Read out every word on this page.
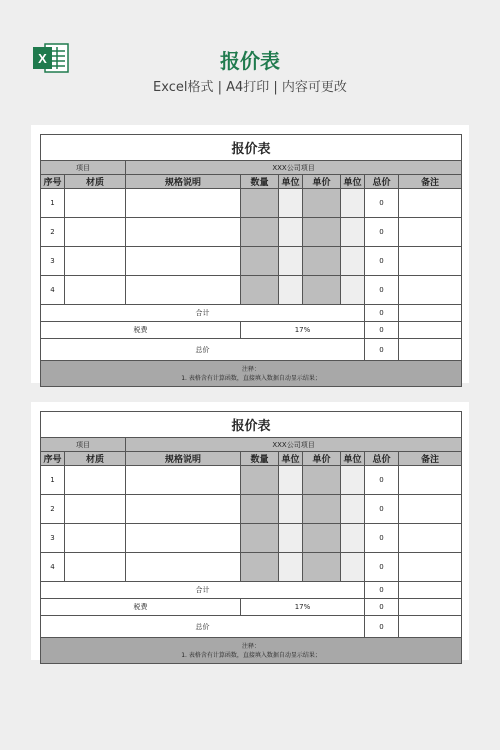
X	报价表
Excel格式 | A4打印 | 内容可更改
报价表								
项目		XXX公司项目						
序号	材质	规格说明	数量	单位	单价	单位	总价	备注
1							0	
2							0	
3							0	
4							0	
合计							0	
税费			17%				0	
总价							0	

注释：
1. 表格含有计算函数，直接填入数据自动显示结果；								
报价表								
项目		XXX公司项目						
序号	材质	规格说明	数量	单位	单价	单位	总价	备注
1							0	
2							0	
3							0	
4							0	
合计							0	
税费			17%				0	
总价							0	

注释：
1. 表格含有计算函数，直接填入数据自动显示结果；								
